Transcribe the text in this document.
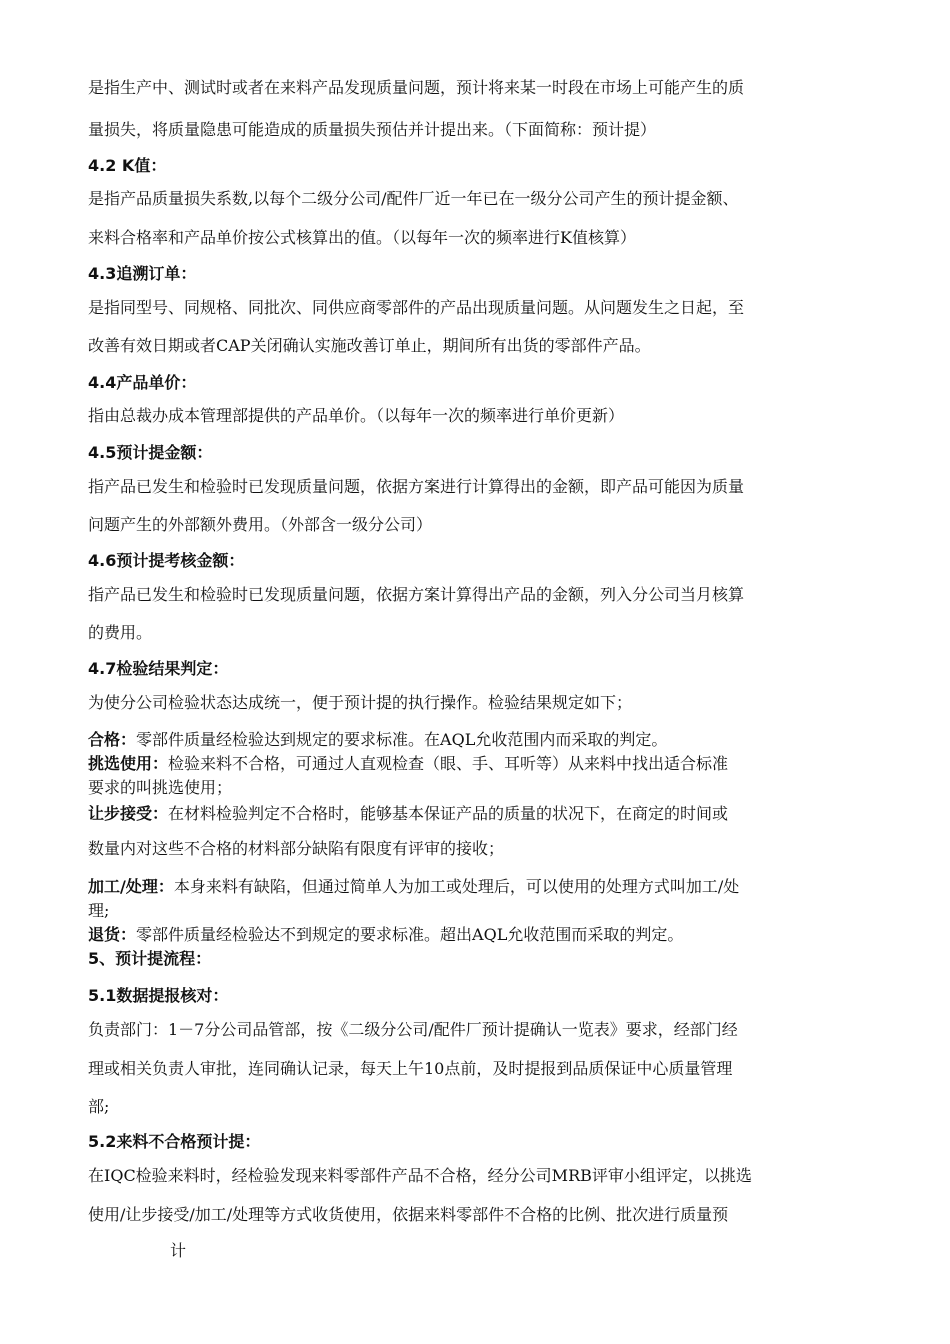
是指生产中、测试时或者在来料产品发现质量问题，预计将来某一时段在市场上可能产生的质
量损失，将质量隐患可能造成的质量损失预估并计提出来。（下面简称：预计提）
4.2 K值：
是指产品质量损失系数,以每个二级分公司/配件厂近一年已在一级分公司产生的预计提金额、
来料合格率和产品单价按公式核算出的值。（以每年一次的频率进行K值核算）
4.3追溯订单：
是指同型号、同规格、同批次、同供应商零部件的产品出现质量问题。从问题发生之日起，至
改善有效日期或者CAP关闭确认实施改善订单止，期间所有出货的零部件产品。
4.4产品单价：
指由总裁办成本管理部提供的产品单价。（以每年一次的频率进行单价更新）
4.5预计提金额：
指产品已发生和检验时已发现质量问题，依据方案进行计算得出的金额，即产品可能因为质量
问题产生的外部额外费用。（外部含一级分公司）
4.6预计提考核金额：
指产品已发生和检验时已发现质量问题，依据方案计算得出产品的金额，列入分公司当月核算
的费用。
4.7检验结果判定：
为使分公司检验状态达成统一，便于预计提的执行操作。检验结果规定如下；
合格：零部件质量经检验达到规定的要求标准。在AQL允收范围内而采取的判定。
挑选使用：检验来料不合格，可通过人直观检查（眼、手、耳听等）从来料中找出适合标准
要求的叫挑选使用；
让步接受：在材料检验判定不合格时，能够基本保证产品的质量的状况下，在商定的时间或
数量内对这些不合格的材料部分缺陷有限度有评审的接收；
加工/处理：本身来料有缺陷，但通过简单人为加工或处理后，可以使用的处理方式叫加工/处
理;
退货：零部件质量经检验达不到规定的要求标准。超出AQL允收范围而采取的判定。
5、预计提流程：
5.1数据提报核对：
负责部门：1－7分公司品管部，按《二级分公司/配件厂预计提确认一览表》要求，经部门经
理或相关负责人审批，连同确认记录，每天上午10点前，及时提报到品质保证中心质量管理
部;
5.2来料不合格预计提：
在IQC检验来料时，经检验发现来料零部件产品不合格，经分公司MRB评审小组评定，以挑选
使用/让步接受/加工/处理等方式收货使用，依据来料零部件不合格的比例、批次进行质量预
计
